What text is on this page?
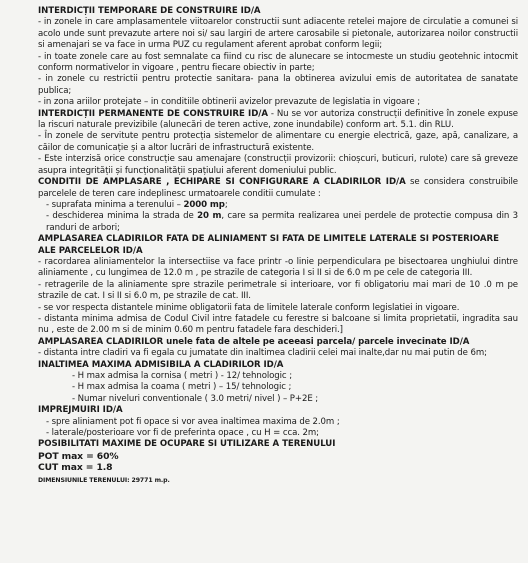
INTERDICȚII TEMPORARE DE CONSTRUIRE ID/A
- in zonele in care amplasamentele viitoarelor constructii sunt adiacente retelei majore de circulatie a comunei si acolo unde sunt prevazute artere noi si/ sau largiri de artere carosabile si pietonale, autorizarea noilor constructii si amenajari se va face in urma PUZ cu regulament aferent aprobat conform legii;
- in toate zonele care au fost semnalate ca fiind cu risc de alunecare se intocmeste un studiu geotehnic intocmit conform normativelor in vigoare , pentru fiecare obiectiv in parte;
- in zonele cu restrictii pentru protectie sanitara- pana la obtinerea avizului emis de autoritatea de sanatate publica;
- in zona ariilor protejate – in conditiile obtinerii avizelor prevazute de legislatia in vigoare ;
INTERDICȚII PERMANENTE DE CONSTRUIRE ID/A - Nu se vor autoriza construcții definitive în zonele expuse la riscuri naturale previzibile (alunecări de teren active, zone inundabile) conform art. 5.1. din RLU.
- În zonele de servitute pentru protecția sistemelor de alimentare cu energie electrică, gaze, apă, canalizare, a căilor de comunicație și a altor lucrări de infrastructură existente.
- Este interzisă orice construcție sau amenajare (construcții provizorii: chioșcuri, buticuri, rulote) care să greveze asupra integrității și funcționalității spațiului aferent domeniului public.
CONDITII DE AMPLASARE , ECHIPARE SI CONFIGURARE A CLADIRILOR ID/A se considera construibile parcelele de teren care indeplinesc urmatoarele conditii cumulate :
- suprafata minima a terenului – 2000 mp;
- deschiderea minima la strada de 20 m, care sa permita realizarea unei perdele de protectie compusa din 3 randuri de arbori;
AMPLASAREA CLADIRILOR FATA DE ALINIAMENT SI FATA DE LIMITELE LATERALE SI POSTERIOARE ALE PARCELELOR ID/A
- racordarea aliniamentelor la intersectiise va face printr -o linie perpendiculara pe bisectoarea unghiului dintre aliniamente , cu lungimea de 12.0 m , pe strazile de categoria I si II si de 6.0 m pe cele de categoria III.
- retragerile de la aliniamente spre strazile perimetrale si interioare, vor fi obligatoriu mai mari de 10 .0 m pe strazile de cat. I si II si 6.0 m, pe strazile de cat. III.
- se vor respecta distantele minime obligatorii fata de limitele laterale conform legislatiei in vigoare.
- distanta minima admisa de Codul Civil intre fatadele cu ferestre si balcoane si limita proprietatii, ingradita sau nu , este de 2.00 m si de minim 0.60 m pentru fatadele fara deschideri.]
AMPLASAREA CLADIRILOR unele fata de altele pe aceeasi parcela/ parcele invecinate ID/A
- distanta intre cladiri va fi egala cu jumatate din inaltimea cladirii celei mai inalte,dar nu mai putin de 6m;
INALTIMEA MAXIMA ADMISIBILA A CLADIRILOR ID/A
- H max admisa la cornisa ( metri ) - 12/ tehnologic ;
- H max admisa la coama ( metri ) – 15/ tehnologic ;
- Numar niveluri conventionale ( 3.0 metri/ nivel ) – P+2E ;
IMPREJMUIRI ID/A
- spre aliniament pot fi opace si vor avea inaltimea maxima de 2.0m ;
- laterale/posterioare vor fi de preferinta opace , cu H = cca. 2m;
POSIBILITATI MAXIME DE OCUPARE SI UTILIZARE A TERENULUI
POT max = 60%
CUT max = 1.8
DIMENSIUNILE TERENULUI: 29771 m.p.
